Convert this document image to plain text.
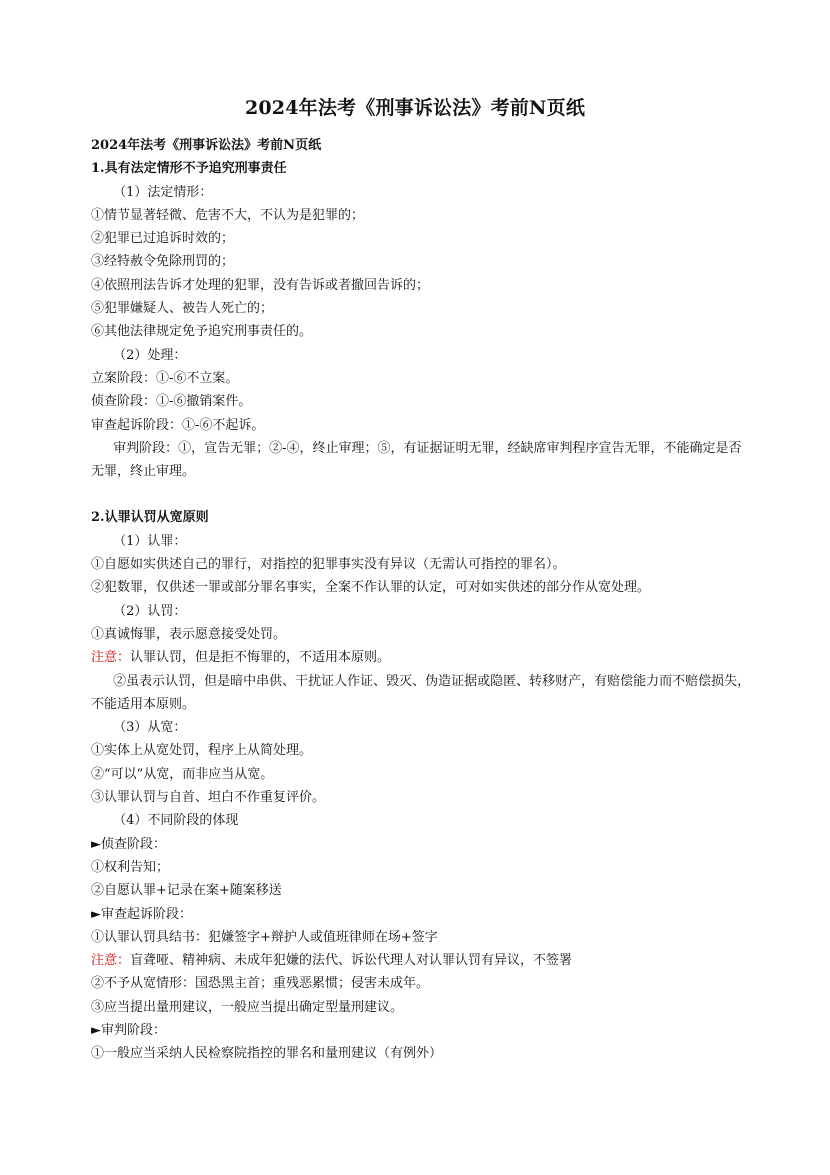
2024年法考《刑事诉讼法》考前N页纸
2024年法考《刑事诉讼法》考前N页纸
1.具有法定情形不予追究刑事责任
（1）法定情形：
①情节显著轻微、危害不大，不认为是犯罪的；
②犯罪已过追诉时效的；
③经特赦令免除刑罚的；
④依照刑法告诉才处理的犯罪，没有告诉或者撤回告诉的；
⑤犯罪嫌疑人、被告人死亡的；
⑥其他法律规定免予追究刑事责任的。
（2）处理：
立案阶段：①-⑥不立案。
侦查阶段：①-⑥撤销案件。
审查起诉阶段：①-⑥不起诉。
审判阶段：①，宣告无罪；②-④，终止审理；⑤，有证据证明无罪，经缺席审判程序宣告无罪，不能确定是否无罪，终止审理。
2.认罪认罚从宽原则
（1）认罪：
①自愿如实供述自己的罪行，对指控的犯罪事实没有异议（无需认可指控的罪名）。
②犯数罪，仅供述一罪或部分罪名事实，全案不作认罪的认定，可对如实供述的部分作从宽处理。
（2）认罚：
①真诚悔罪，表示愿意接受处罚。
注意：认罪认罚，但是拒不悔罪的，不适用本原则。
②虽表示认罚，但是暗中串供、干扰证人作证、毁灭、伪造证据或隐匿、转移财产，有赔偿能力而不赔偿损失，不能适用本原则。
（3）从宽：
①实体上从宽处罚，程序上从简处理。
②“可以”从宽，而非应当从宽。
③认罪认罚与自首、坦白不作重复评价。
（4）不同阶段的体现
►侦查阶段：
①权利告知；
②自愿认罪+记录在案+随案移送
►审查起诉阶段：
①认罪认罚具结书：犯嫌签字+辩护人或值班律师在场+签字
注意：盲聋哑、精神病、未成年犯嫌的法代、诉讼代理人对认罪认罚有异议，不签署
②不予从宽情形：国恐黑主首；重残恶累惯；侵害未成年。
③应当提出量刑建议，一般应当提出确定型量刑建议。
►审判阶段：
①一般应当采纳人民检察院指控的罪名和量刑建议（有例外）
